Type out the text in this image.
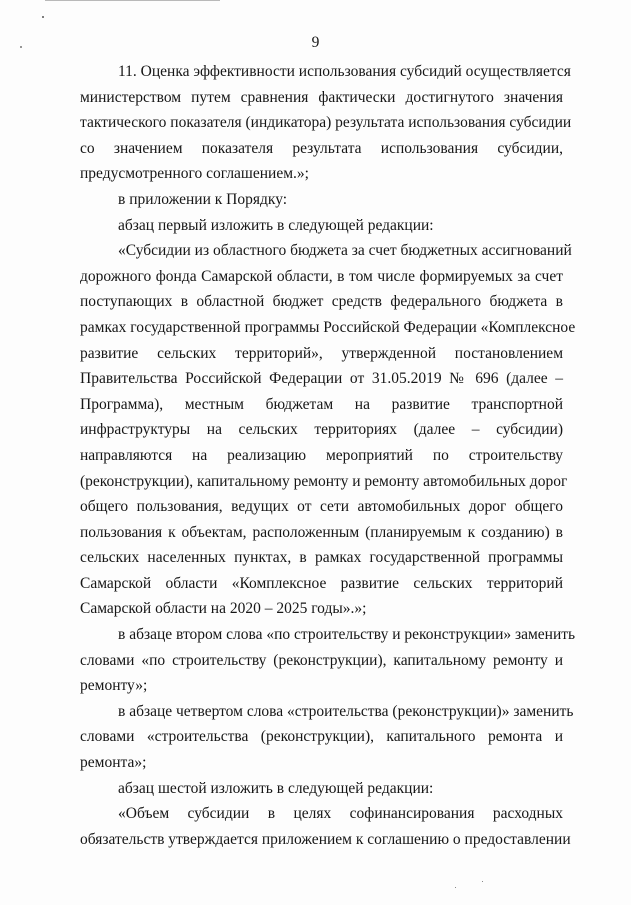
9
11. Оценка эффективности использования субсидий осуществляется
министерством путем сравнения фактически достигнутого значения
тактического показателя (индикатора) результата использования субсидии
со значением показателя результата использования субсидии,
предусмотренного соглашением.»;
в приложении к Порядку:
абзац первый изложить в следующей редакции:
«Субсидии из областного бюджета за счет бюджетных ассигнований
дорожного фонда Самарской области, в том числе формируемых за счет
поступающих в областной бюджет средств федерального бюджета в
рамках государственной программы Российской Федерации «Комплексное
развитие сельских территорий», утвержденной постановлением
Правительства Российской Федерации от 31.05.2019 № 696 (далее –
Программа), местным бюджетам на развитие транспортной
инфраструктуры на сельских территориях (далее – субсидии)
направляются на реализацию мероприятий по строительству
(реконструкции), капитальному ремонту и ремонту автомобильных дорог
общего пользования, ведущих от сети автомобильных дорог общего
пользования к объектам, расположенным (планируемым к созданию) в
сельских населенных пунктах, в рамках государственной программы
Самарской области «Комплексное развитие сельских территорий
Самарской области на 2020 – 2025 годы».»;
в абзаце втором слова «по строительству и реконструкции» заменить
словами «по строительству (реконструкции), капитальному ремонту и
ремонту»;
в абзаце четвертом слова «строительства (реконструкции)» заменить
словами «строительства (реконструкции), капитального ремонта и
ремонта»;
абзац шестой изложить в следующей редакции:
«Объем субсидии в целях софинансирования расходных
обязательств утверждается приложением к соглашению о предоставлении
